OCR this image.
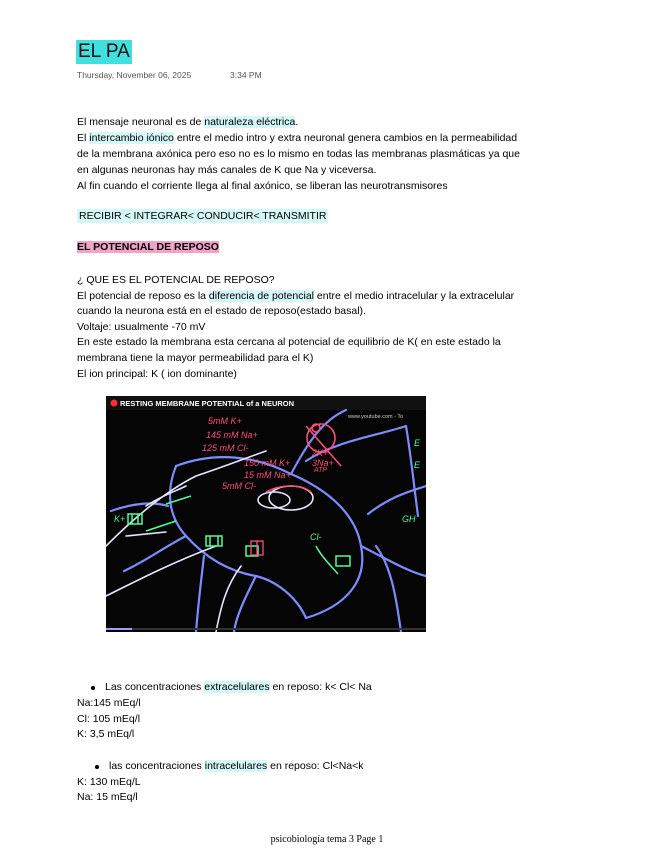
EL PA
Thursday, November 06, 2025	3:34 PM
El mensaje neuronal es de naturaleza eléctrica.
El intercambio iónico entre el medio intro y extra neuronal genera cambios en la permeabilidad
de la membrana axónica pero eso no es lo mismo en todas las membranas plasmáticas ya que
en algunas neuronas hay más canales de K que Na y viceversa.
Al fin cuando el corriente llega al final axónico, se liberan las neurotransmisores
RECIBIR < INTEGRAR< CONDUCIR< TRANSMITIR
EL POTENCIAL DE REPOSO
¿ QUE ES EL POTENCIAL DE REPOSO?
El potencial de reposo es la diferencia de potencial entre el medio intracelular y la extracelular
cuando la neurona está en el estado de reposo(estado basal).
Voltaje: usualmente -70 mV
En este estado la membrana esta cercana al potencial de equilibrio de K( en este estado la
membrana tiene la mayor permeabilidad para el K)
El ion principal: K ( ion dominante)
RESTING MEMBRANE POTENTIAL of a NEURON
www.youtube.com - To
5mM K+
145 mM Na+
125 mM Cl-
150 mM K+
15 mM Na+
5mM Cl-
2K+
3Na+
ATP
K+
Cl-
E
E
GH
Las concentraciones extracelulares en reposo: k< Cl< Na
Na:145 mEq/l
Cl: 105 mEq/l
K: 3,5 mEq/l
las concentraciones intracelulares en reposo: Cl<Na<k
K: 130 mEq/L
Na: 15 mEq/l
psicobiología tema 3 Page 1
